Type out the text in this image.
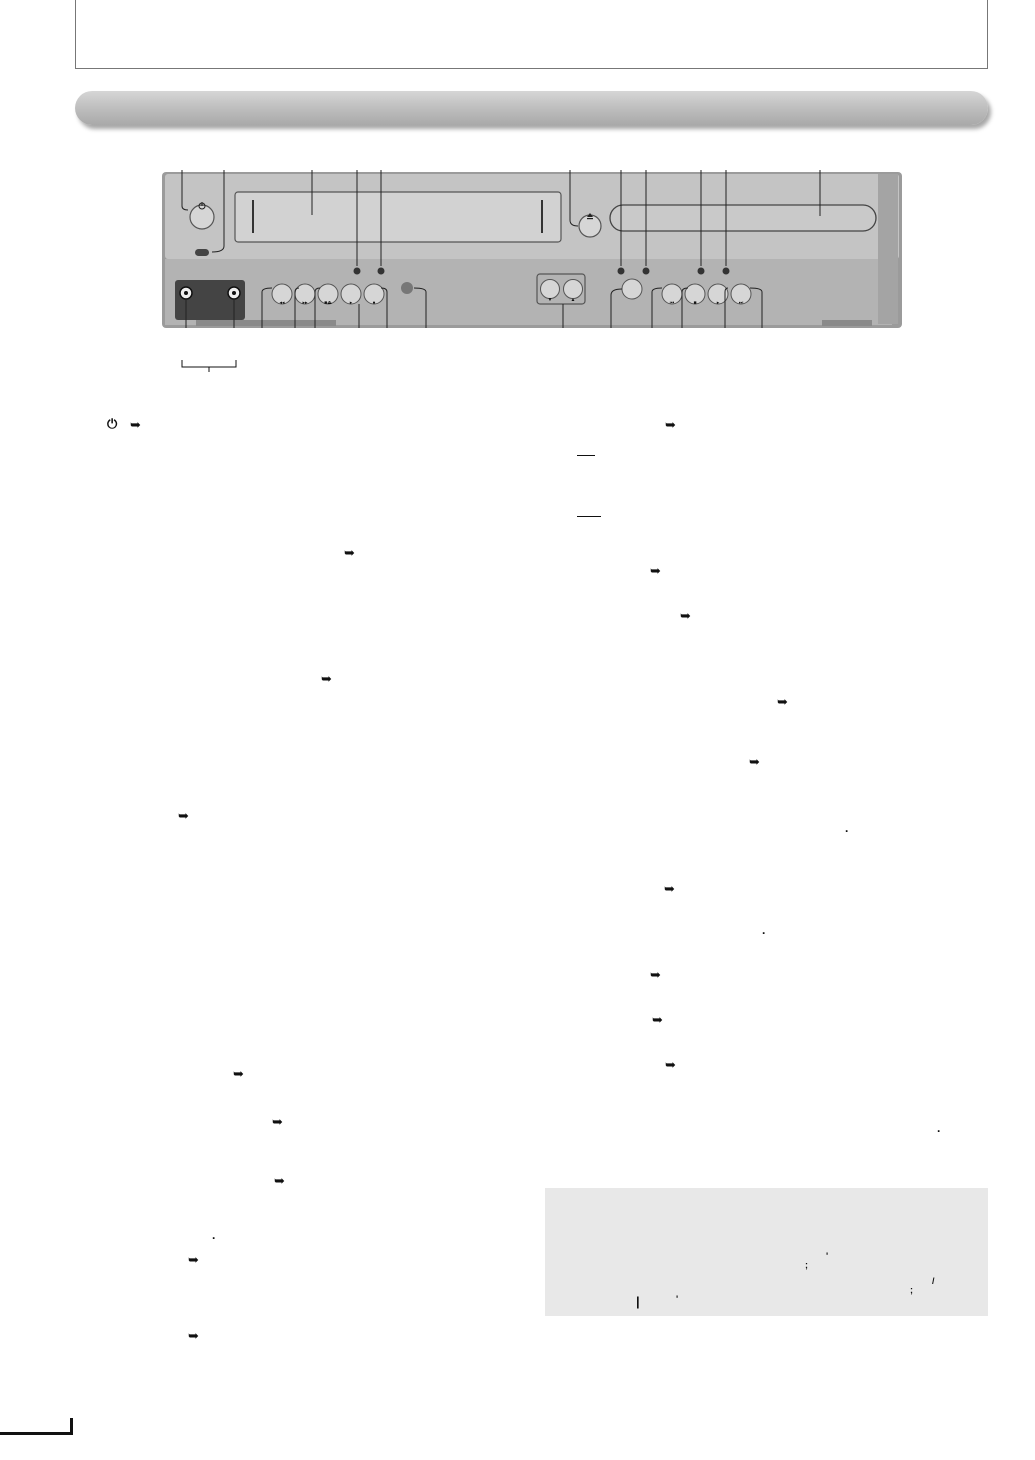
◂◂	▸▸	■⏏	▸	●	▼	▲	⏮	■	▸	⏭
⏻ ➥
➥
➥
➥
➥
➥
➥
.
➥
➥
➥
➥
➥
➥
➥
.
➥
.
➥
➥
➥
.
'
;
/
;
|	'
